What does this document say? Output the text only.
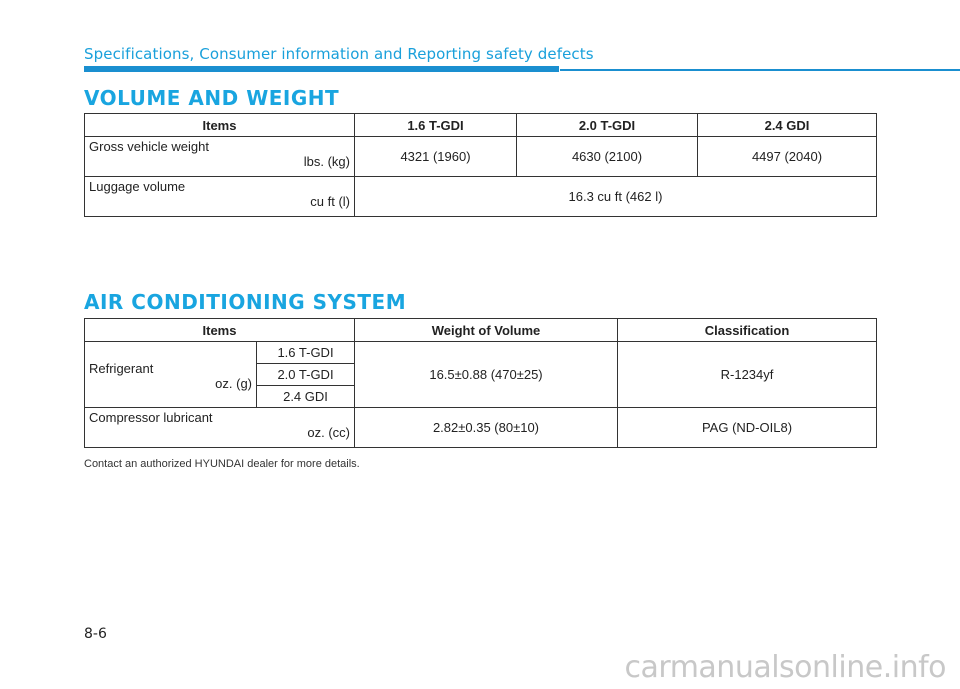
Specifications, Consumer information and Reporting safety defects
VOLUME AND WEIGHT
Items	1.6 T-GDI	2.0 T-GDI	2.4 GDI

Gross vehicle weight
lbs. (kg)	4321 (1960)	4630 (2100)	4497 (2040)

Luggage volume
cu ft (l)	16.3 cu ft (462 l)		
AIR CONDITIONING SYSTEM
Items		Weight of Volume	Classification

Refrigerant
oz. (g)	1.6 T-GDI	16.5±0.88 (470±25)	R-1234yf
	2.0 T-GDI		
	2.4 GDI		

Compressor lubricant
oz. (cc)		2.82±0.35 (80±10)	PAG (ND-OIL8)
Contact an authorized HYUNDAI dealer for more details.
8-6
carmanualsonline.info
